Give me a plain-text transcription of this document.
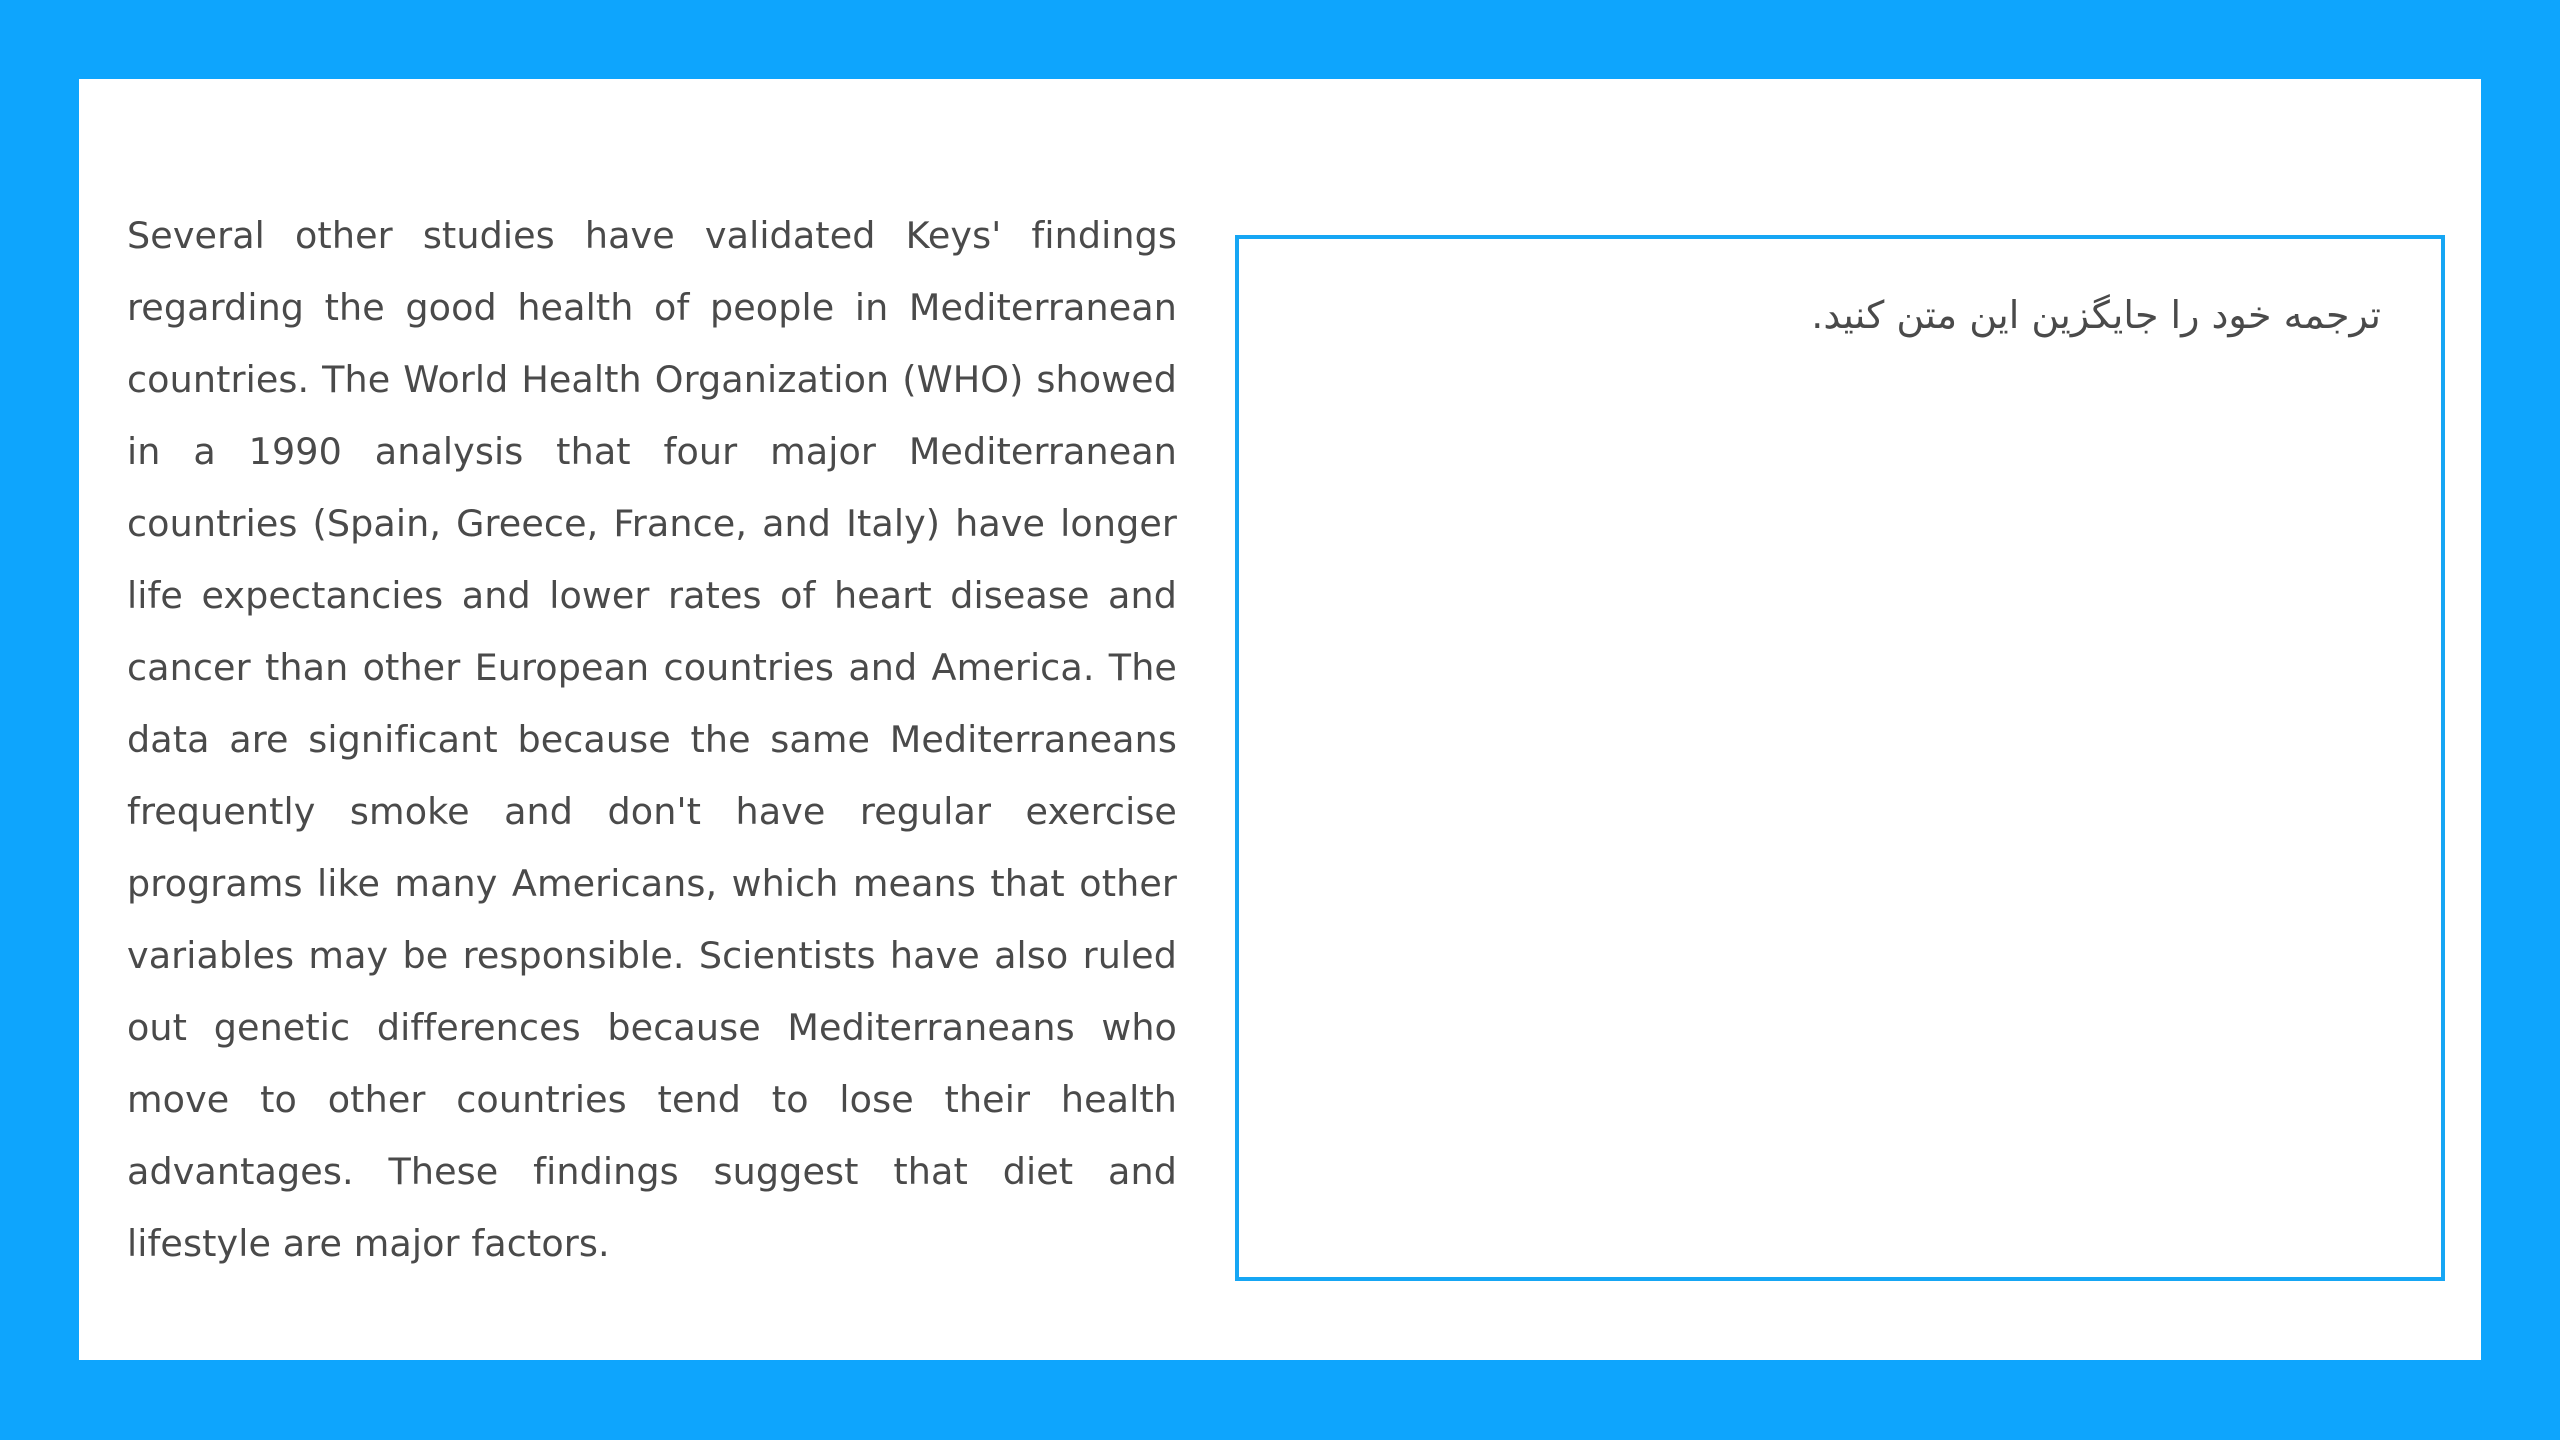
Several other studies have validated Keys' findings regarding the good health of people in Mediterranean countries. The World Health Organization (WHO) showed in a 1990 analysis that four major Mediterranean countries (Spain, Greece, France, and Italy) have longer life expectancies and lower rates of heart disease and cancer than other European countries and America. The data are significant because the same Mediterraneans frequently smoke and don't have regular exercise programs like many Americans, which means that other variables may be responsible. Scientists have also ruled out genetic differences because Mediterraneans who move to other countries tend to lose their health advantages. These findings suggest that diet and lifestyle are major factors.

ترجمه خود را جایگزین این متن کنید.
